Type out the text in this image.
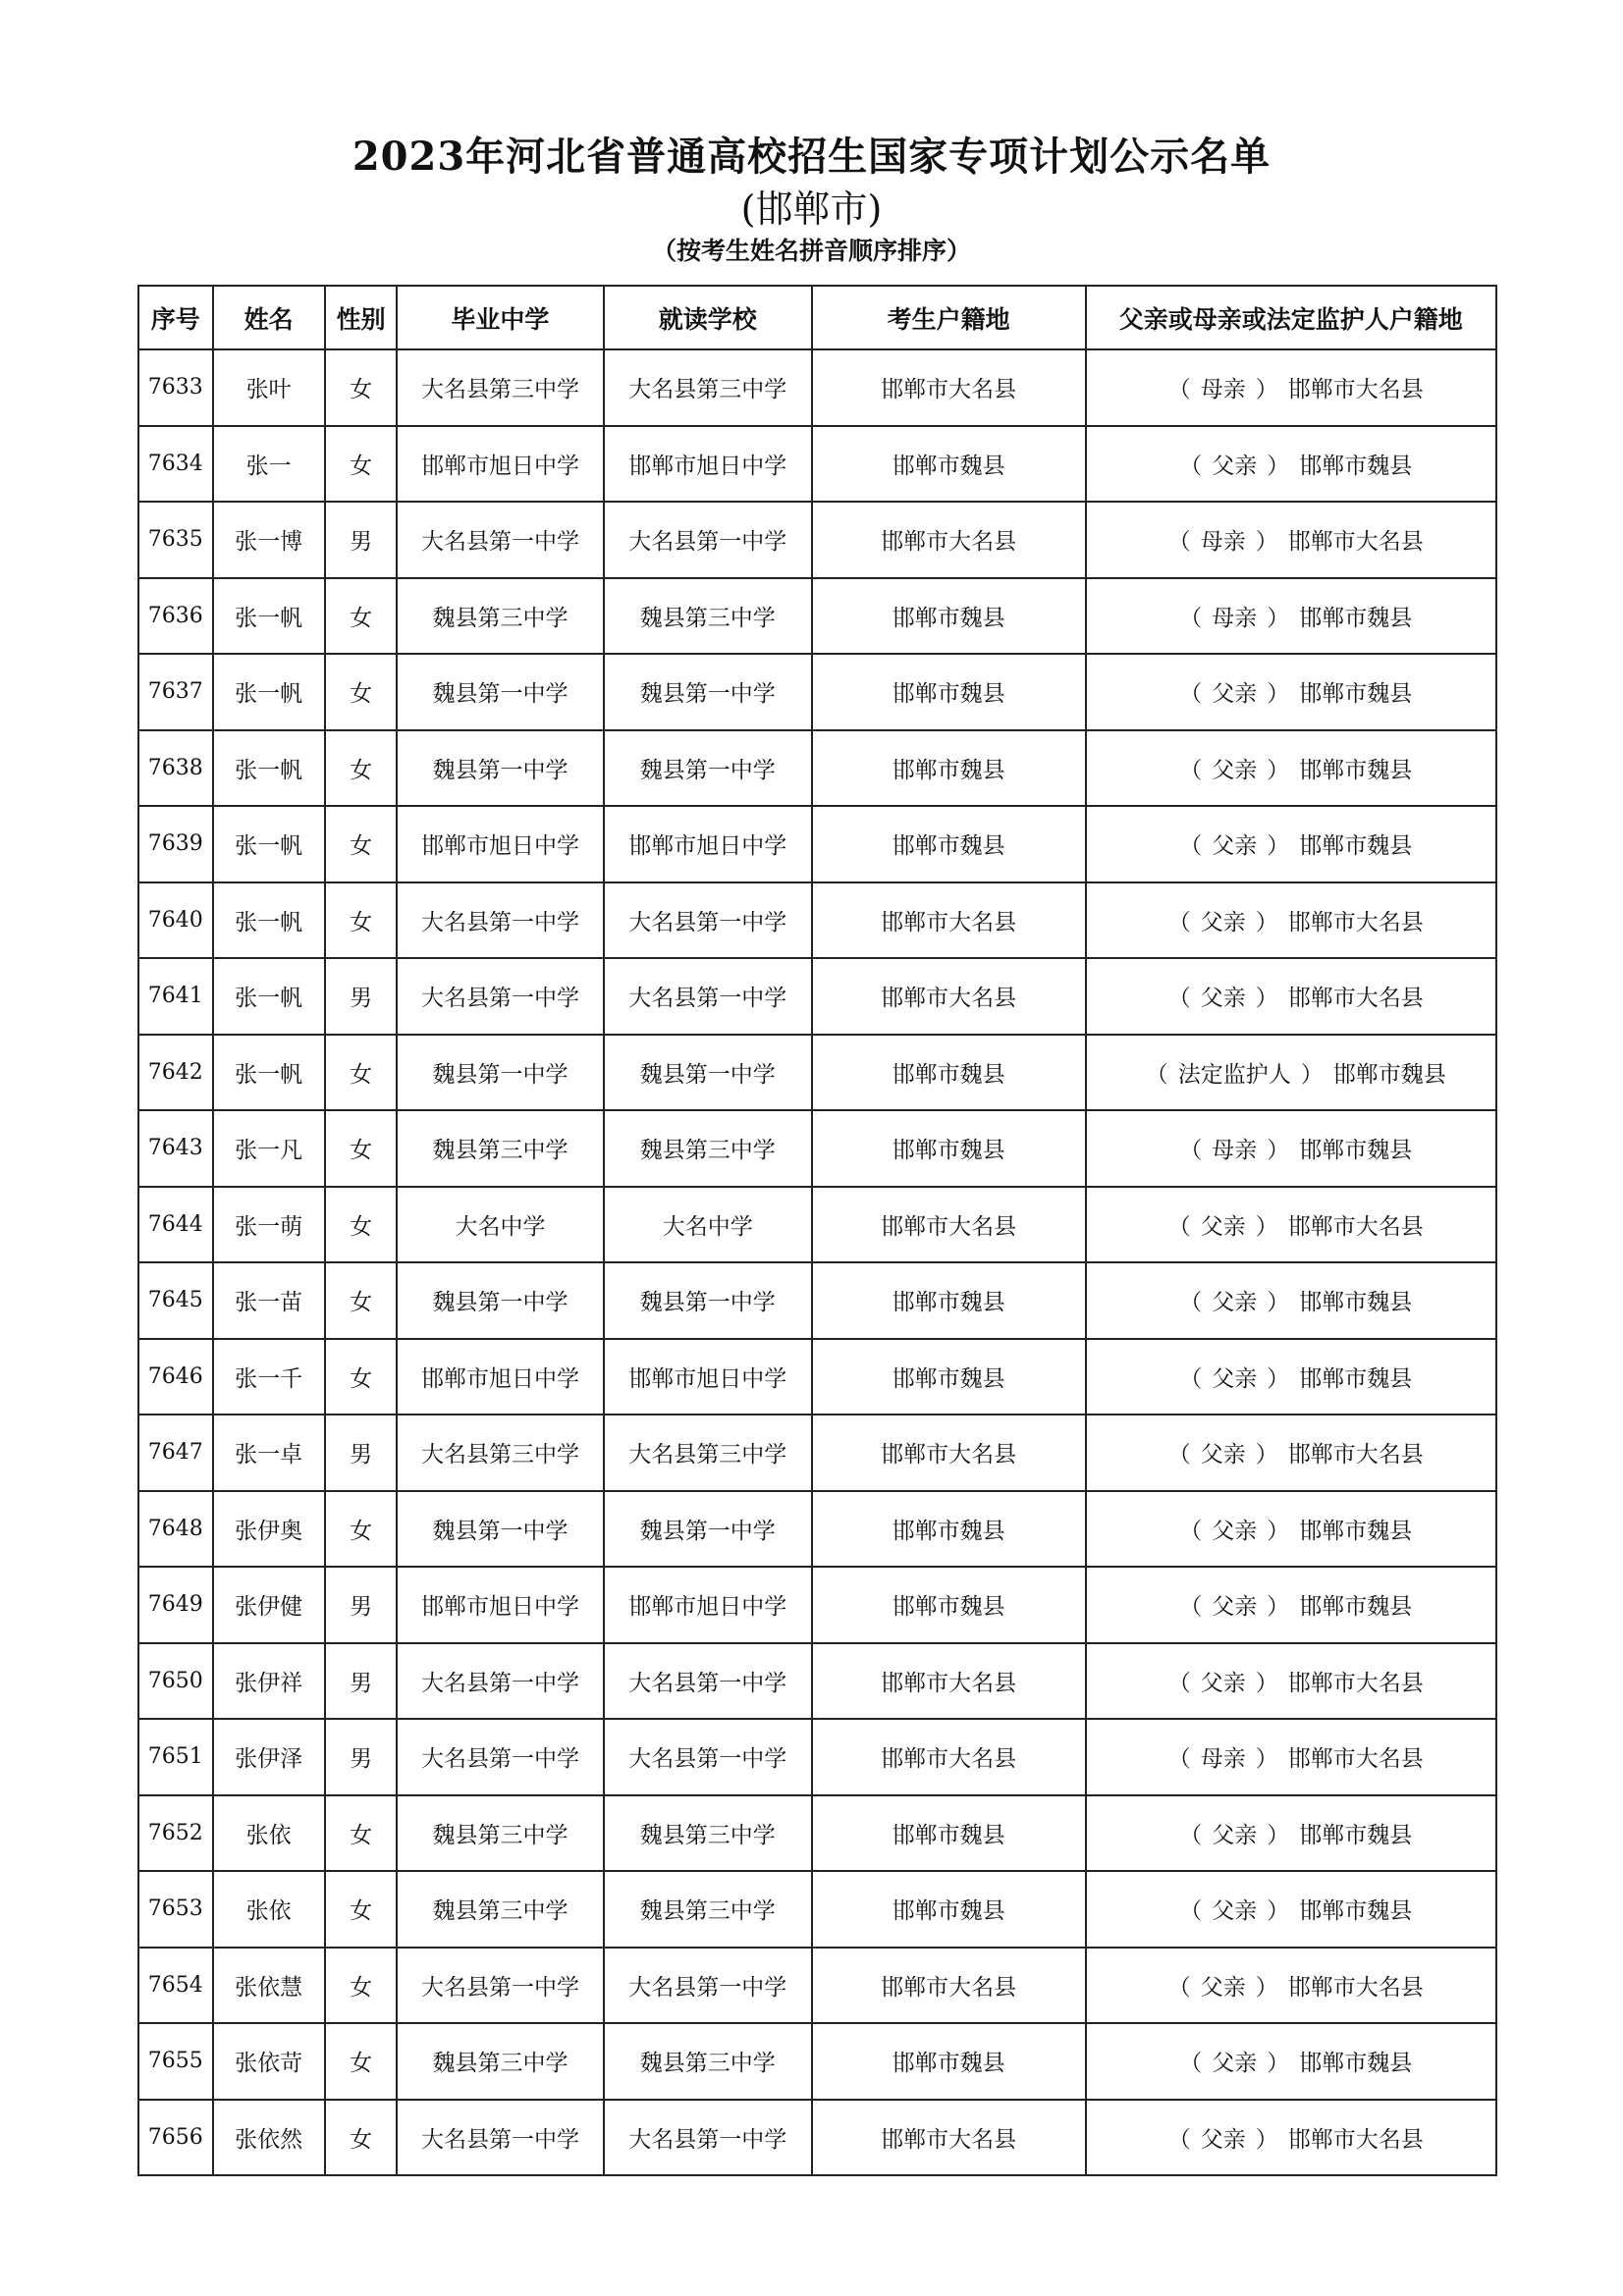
2023年河北省普通高校招生国家专项计划公示名单
(邯郸市)
（按考生姓名拼音顺序排序）
序号	姓名	性别	毕业中学	就读学校	考生户籍地	父亲或母亲或法定监护人户籍地
7633	张叶	女	大名县第三中学	大名县第三中学	邯郸市大名县	（ 母亲 ） 邯郸市大名县
7634	张一	女	邯郸市旭日中学	邯郸市旭日中学	邯郸市魏县	（ 父亲 ） 邯郸市魏县
7635	张一博	男	大名县第一中学	大名县第一中学	邯郸市大名县	（ 母亲 ） 邯郸市大名县
7636	张一帆	女	魏县第三中学	魏县第三中学	邯郸市魏县	（ 母亲 ） 邯郸市魏县
7637	张一帆	女	魏县第一中学	魏县第一中学	邯郸市魏县	（ 父亲 ） 邯郸市魏县
7638	张一帆	女	魏县第一中学	魏县第一中学	邯郸市魏县	（ 父亲 ） 邯郸市魏县
7639	张一帆	女	邯郸市旭日中学	邯郸市旭日中学	邯郸市魏县	（ 父亲 ） 邯郸市魏县
7640	张一帆	女	大名县第一中学	大名县第一中学	邯郸市大名县	（ 父亲 ） 邯郸市大名县
7641	张一帆	男	大名县第一中学	大名县第一中学	邯郸市大名县	（ 父亲 ） 邯郸市大名县
7642	张一帆	女	魏县第一中学	魏县第一中学	邯郸市魏县	（ 法定监护人 ） 邯郸市魏县
7643	张一凡	女	魏县第三中学	魏县第三中学	邯郸市魏县	（ 母亲 ） 邯郸市魏县
7644	张一萌	女	大名中学	大名中学	邯郸市大名县	（ 父亲 ） 邯郸市大名县
7645	张一苗	女	魏县第一中学	魏县第一中学	邯郸市魏县	（ 父亲 ） 邯郸市魏县
7646	张一千	女	邯郸市旭日中学	邯郸市旭日中学	邯郸市魏县	（ 父亲 ） 邯郸市魏县
7647	张一卓	男	大名县第三中学	大名县第三中学	邯郸市大名县	（ 父亲 ） 邯郸市大名县
7648	张伊奥	女	魏县第一中学	魏县第一中学	邯郸市魏县	（ 父亲 ） 邯郸市魏县
7649	张伊健	男	邯郸市旭日中学	邯郸市旭日中学	邯郸市魏县	（ 父亲 ） 邯郸市魏县
7650	张伊祥	男	大名县第一中学	大名县第一中学	邯郸市大名县	（ 父亲 ） 邯郸市大名县
7651	张伊泽	男	大名县第一中学	大名县第一中学	邯郸市大名县	（ 母亲 ） 邯郸市大名县
7652	张依	女	魏县第三中学	魏县第三中学	邯郸市魏县	（ 父亲 ） 邯郸市魏县
7653	张依	女	魏县第三中学	魏县第三中学	邯郸市魏县	（ 父亲 ） 邯郸市魏县
7654	张依慧	女	大名县第一中学	大名县第一中学	邯郸市大名县	（ 父亲 ） 邯郸市大名县
7655	张依苛	女	魏县第三中学	魏县第三中学	邯郸市魏县	（ 父亲 ） 邯郸市魏县
7656	张依然	女	大名县第一中学	大名县第一中学	邯郸市大名县	（ 父亲 ） 邯郸市大名县
